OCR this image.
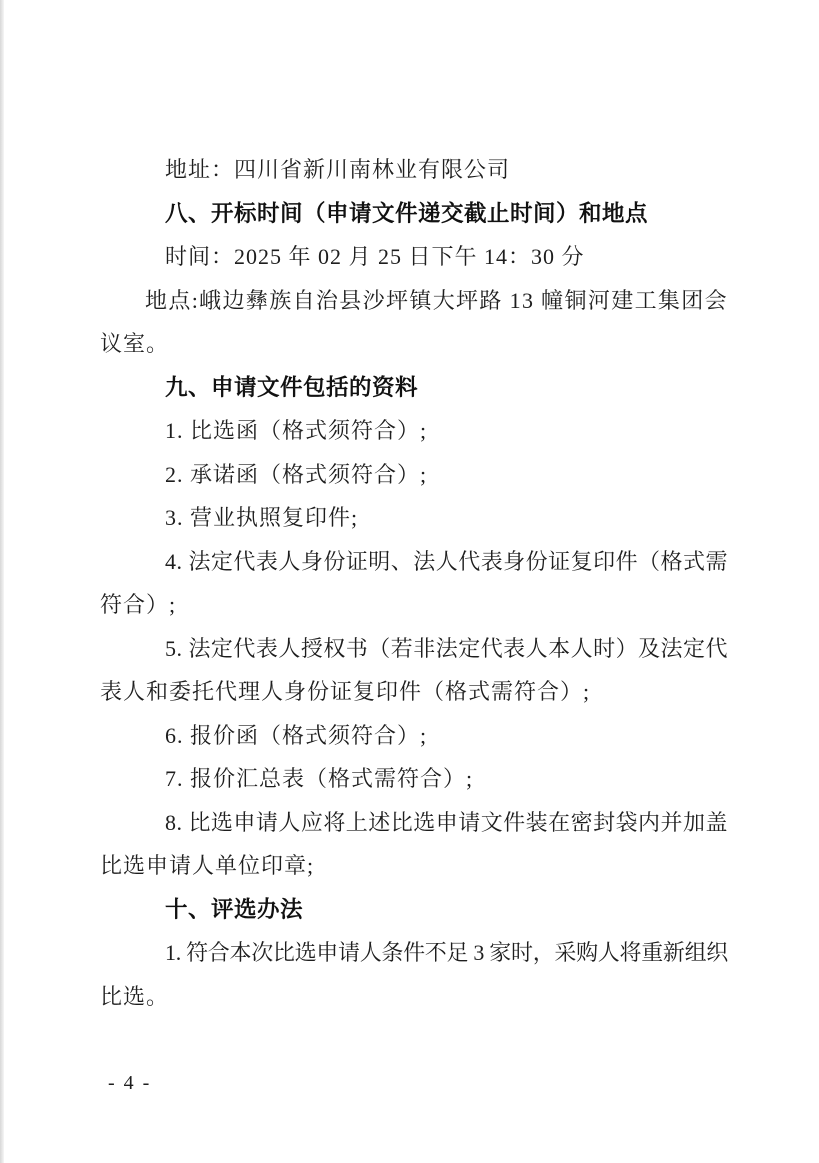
地址：四川省新川南林业有限公司
八、开标时间（申请文件递交截止时间）和地点
时间：2025 年 02 月 25 日下午 14：30 分
地点:峨边彝族自治县沙坪镇大坪路 13 幢铜河建工集团会
议室。
九、申请文件包括的资料
1. 比选函（格式须符合）;
2. 承诺函（格式须符合）;
3. 营业执照复印件;
4. 法定代表人身份证明、法人代表身份证复印件（格式需
符合）;
5. 法定代表人授权书（若非法定代表人本人时）及法定代
表人和委托代理人身份证复印件（格式需符合）;
6. 报价函（格式须符合）;
7. 报价汇总表（格式需符合）;
8. 比选申请人应将上述比选申请文件装在密封袋内并加盖
比选申请人单位印章;
十、评选办法
1. 符合本次比选申请人条件不足 3 家时，采购人将重新组织
比选。
- 4 -
